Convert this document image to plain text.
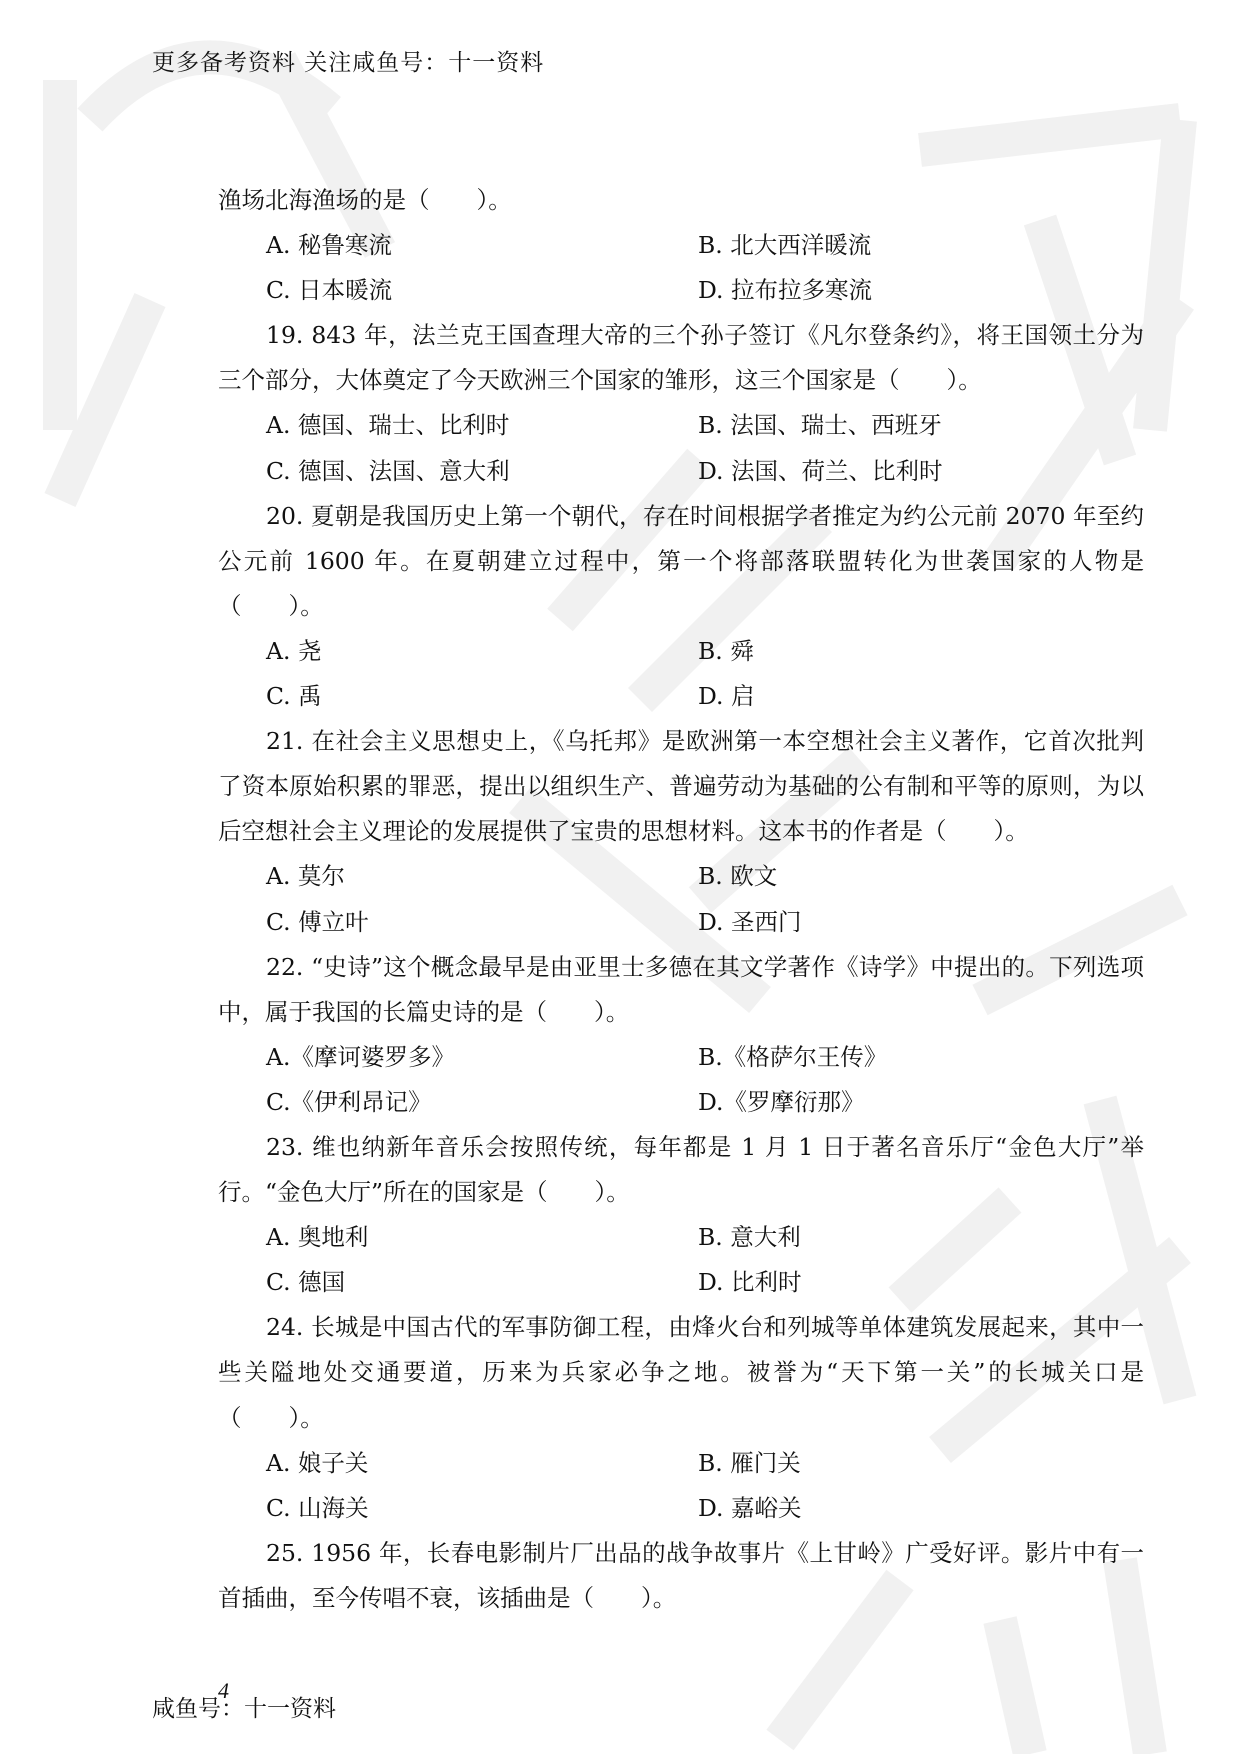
更多备考资料 关注咸鱼号：十一资料

渔场北海渔场的是（　　）。

A. 秘鲁寒流	B. 北大西洋暖流
C. 日本暖流	D. 拉布拉多寒流

19. 843 年，法兰克王国查理大帝的三个孙子签订《凡尔登条约》，将王国领土分为三个部分，大体奠定了今天欧洲三个国家的雏形，这三个国家是（　　）。

A. 德国、瑞士、比利时	B. 法国、瑞士、西班牙
C. 德国、法国、意大利	D. 法国、荷兰、比利时

20. 夏朝是我国历史上第一个朝代，存在时间根据学者推定为约公元前 2070 年至约公元前 1600 年。在夏朝建立过程中，第一个将部落联盟转化为世袭国家的人物是（　　）。

A. 尧	B. 舜
C. 禹	D. 启

21. 在社会主义思想史上，《乌托邦》是欧洲第一本空想社会主义著作，它首次批判了资本原始积累的罪恶，提出以组织生产、普遍劳动为基础的公有制和平等的原则，为以后空想社会主义理论的发展提供了宝贵的思想材料。这本书的作者是（　　）。

A. 莫尔	B. 欧文
C. 傅立叶	D. 圣西门

22. “史诗”这个概念最早是由亚里士多德在其文学著作《诗学》中提出的。下列选项中，属于我国的长篇史诗的是（　　）。

A.《摩诃婆罗多》	B.《格萨尔王传》
C.《伊利昂记》	D.《罗摩衍那》

23. 维也纳新年音乐会按照传统，每年都是 1 月 1 日于著名音乐厅“金色大厅”举行。“金色大厅”所在的国家是（　　）。

A. 奥地利	B. 意大利
C. 德国	D. 比利时

24. 长城是中国古代的军事防御工程，由烽火台和列城等单体建筑发展起来，其中一些关隘地处交通要道，历来为兵家必争之地。被誉为“天下第一关”的长城关口是（　　）。

A. 娘子关	B. 雁门关
C. 山海关	D. 嘉峪关

25. 1956 年，长春电影制片厂出品的战争故事片《上甘岭》广受好评。影片中有一首插曲，至今传唱不衰，该插曲是（　　）。

4
咸鱼号：十一资料
